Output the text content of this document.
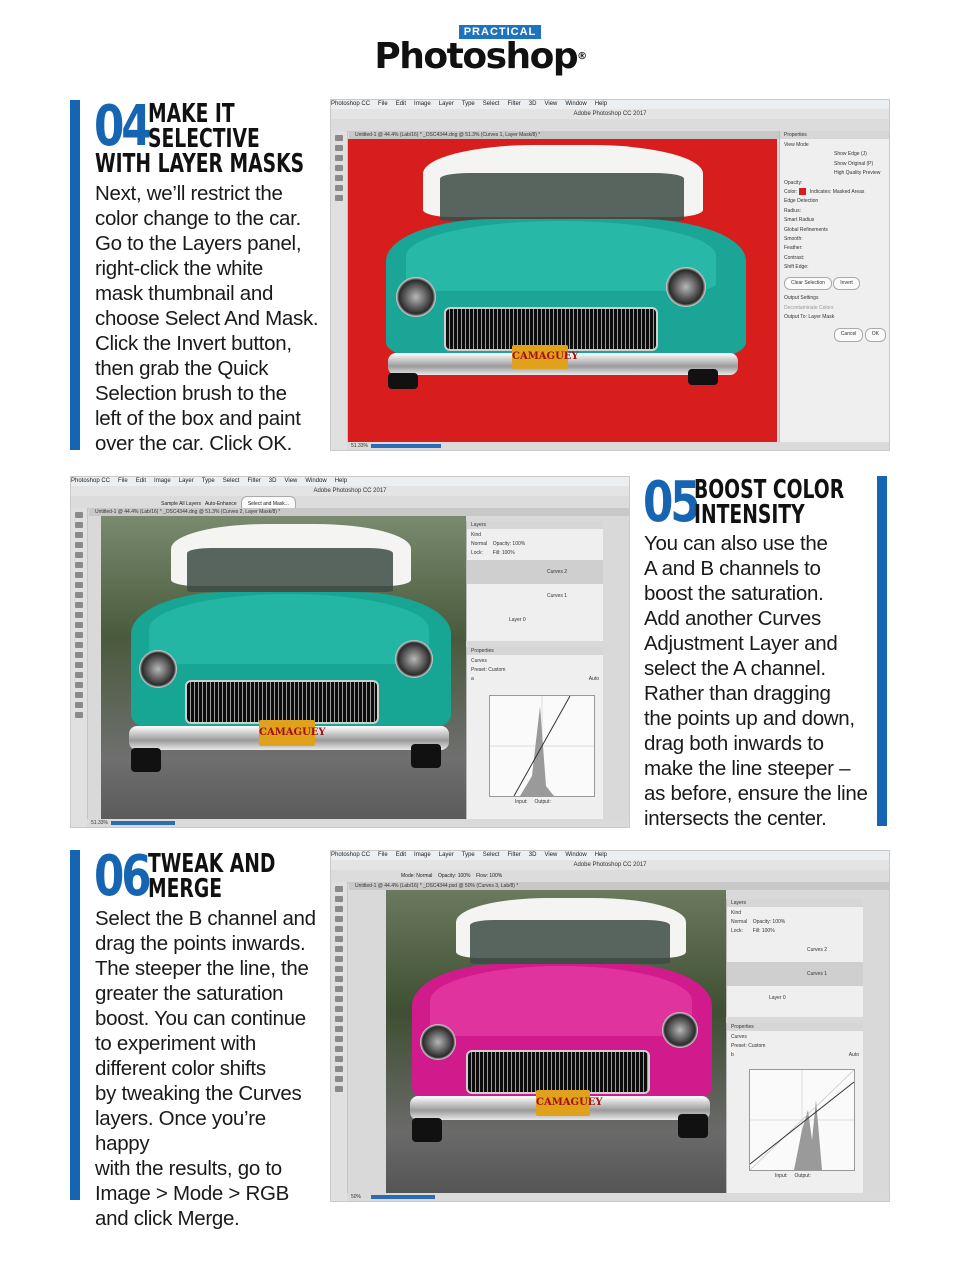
PRACTICAL
Photoshop®
04 MAKE IT
SELECTIVE
WITH LAYER MASKS
Next, we’ll restrict the
color change to the car.
Go to the Layers panel,
right-click the white
mask thumbnail and
choose Select And Mask.
Click the Invert button,
then grab the Quick
Selection brush to the
left of the box and paint
over the car. Click OK.
Photoshop CC File Edit Image Layer Type Select Filter 3D View Window Help
Adobe Photoshop CC 2017
Untitled-1 @ 44.4% (Lab/16) * _DSC4344.dng @ 51.3% (Curves 1, Layer Mask/8) *
CAMAGUEY
Properties
View Mode
Show Edge (J)
Show Original (P)
High Quality Preview
Opacity:
Color:	Indicates: Masked Areas
Edge Detection
Radius:
Smart Radius
Global Refinements
Smooth:
Feather:
Contrast:
Shift Edge:
Clear Selection	Invert
Output Settings
Decontaminate Colors
Output To: Layer Mask
Cancel	OK
51.33%
Photoshop CC File Edit Image Layer Type Select Filter 3D View Window Help
Adobe Photoshop CC 2017
Sample All Layers Auto-Enhance Select and Mask...
Untitled-1 @ 44.4% (Lab/16) * _DSC4344.dng @ 51.3% (Curves 2, Layer Mask/8) *
CAMAGUEY
Layers
Kind
Normal Opacity: 100%
Lock: Fill: 100%
Curves 2
Curves 1
Layer 0
Properties
Curves
Preset: Custom
a	Auto
Input: Output:
51.33%
05
BOOST COLOR
INTENSITY
You can also use the
A and B channels to
boost the saturation.
Add another Curves
Adjustment Layer and
select the A channel.
Rather than dragging
the points up and down,
drag both inwards to
make the line steeper –
as before, ensure the line
intersects the center.
06 TWEAK AND
MERGE
Select the B channel and
drag the points inwards.
The steeper the line, the
greater the saturation
boost. You can continue
to experiment with
different color shifts
by tweaking the Curves
layers. Once you’re happy
with the results, go to
Image > Mode > RGB
and click Merge.
Photoshop CC File Edit Image Layer Type Select Filter 3D View Window Help
Adobe Photoshop CC 2017
Mode: Normal Opacity: 100% Flow: 100%
Untitled-1 @ 44.4% (Lab/16) * _DSC4344.psd @ 50% (Curves 3, Lab/8) *
CAMAGUEY
Layers
Kind
Normal Opacity: 100%
Lock: Fill: 100%
Curves 2
Curves 1
Layer 0
Properties
Curves
Preset: Custom
b	Auto
Input: Output:
50%
